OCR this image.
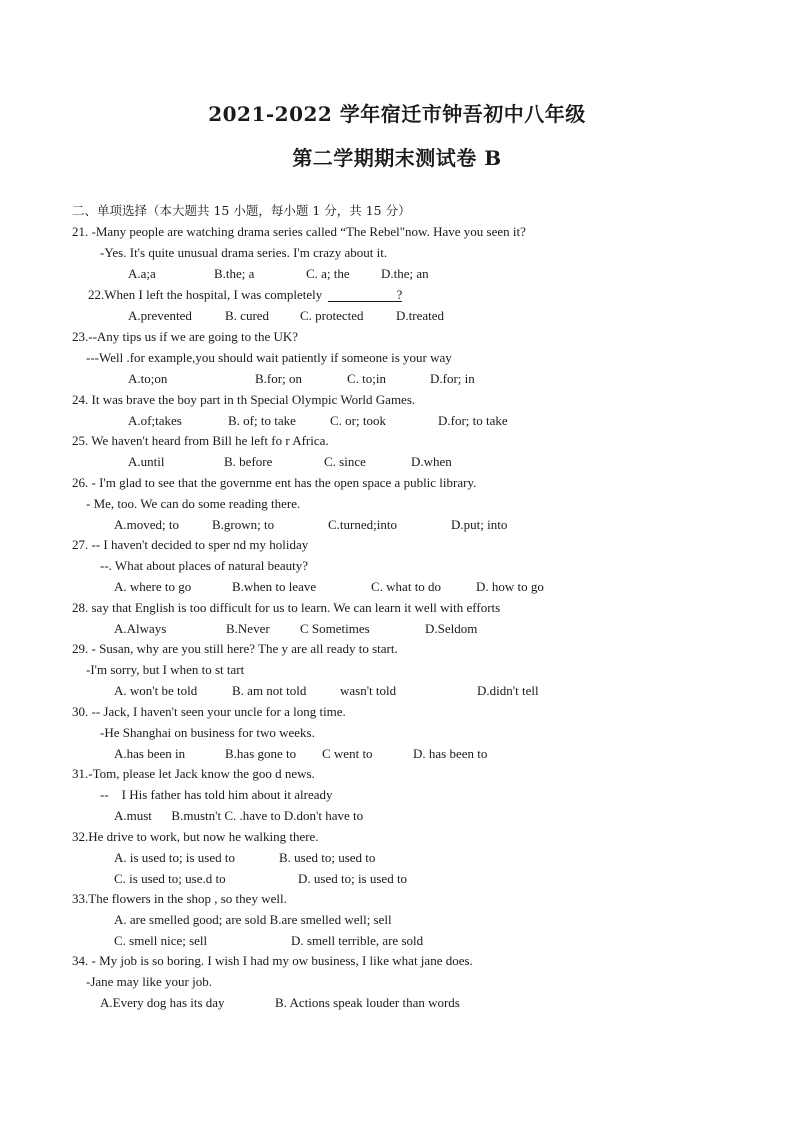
2021-2022 学年宿迁市钟吾初中八年级
第二学期期末测试卷 B
二、单项选择（本大题共 15 小题，每小题 1 分，共 15 分）
21. -Many people are watching drama series called “The Rebel"now. Have you seen it?
-Yes. It's quite unusual drama series. I'm crazy about it.
A.a;a	B.the; a	C. a; the D.the; an
22.When I left the hospital, I was completely	?
A.prevented	B. cured C. protected D.treated
23.--Any tips us if we are going to the UK?
---Well .for example,you should wait patiently if someone is your way
A.to;on	B.for; on	C. to;in	D.for; in
24. It was brave the boy part in th Special Olympic World Games.
A.of;takes	B. of; to take	C. or; took	D.for; to take
25. We haven't heard from Bill he left fo r Africa.
A.until	B. before	C. since	D.when
26. - I'm glad to see that the governme ent has the open space a public library.
- Me, too. We can do some reading there.
A.moved; to	B.grown; to	C.turned;into	D.put; into
27. -- I haven't decided to sper nd my holiday
--. What about places of natural beauty?
A. where to go	B.when to leave	C. what to do	D. how to go
28. say that English is too difficult for us to learn. We can learn it well with efforts
A.Always	B.Never C Sometimes	D.Seldom
29. - Susan, why are you still here? The y are all ready to start.
-I'm sorry, but I when to st tart
A. won't be told	B. am not told	wasn't told	D.didn't tell
30. -- Jack, I haven't seen your uncle for a long time.
-He Shanghai on business for two weeks.
A.has been in	B.has gone to C went to	D. has been to
31.-Tom, please let Jack know the goo d news.
--    I His father has told him about it already
A.must      B.mustn't C. .have to D.don't have to
32.He drive to work, but now he walking there.
A. is used to; is used to	B. used to; used to
C. is used to; use.d to	D. used to; is used to
33.The flowers in the shop , so they well.
A. are smelled good; are sold B.are smelled well; sell
C. smell nice; sell	D. smell terrible, are sold
34. - My job is so boring. I wish I had my ow business, I like what jane does.
-Jane may like your job.
A.Every dog has its day	B. Actions speak louder than words
